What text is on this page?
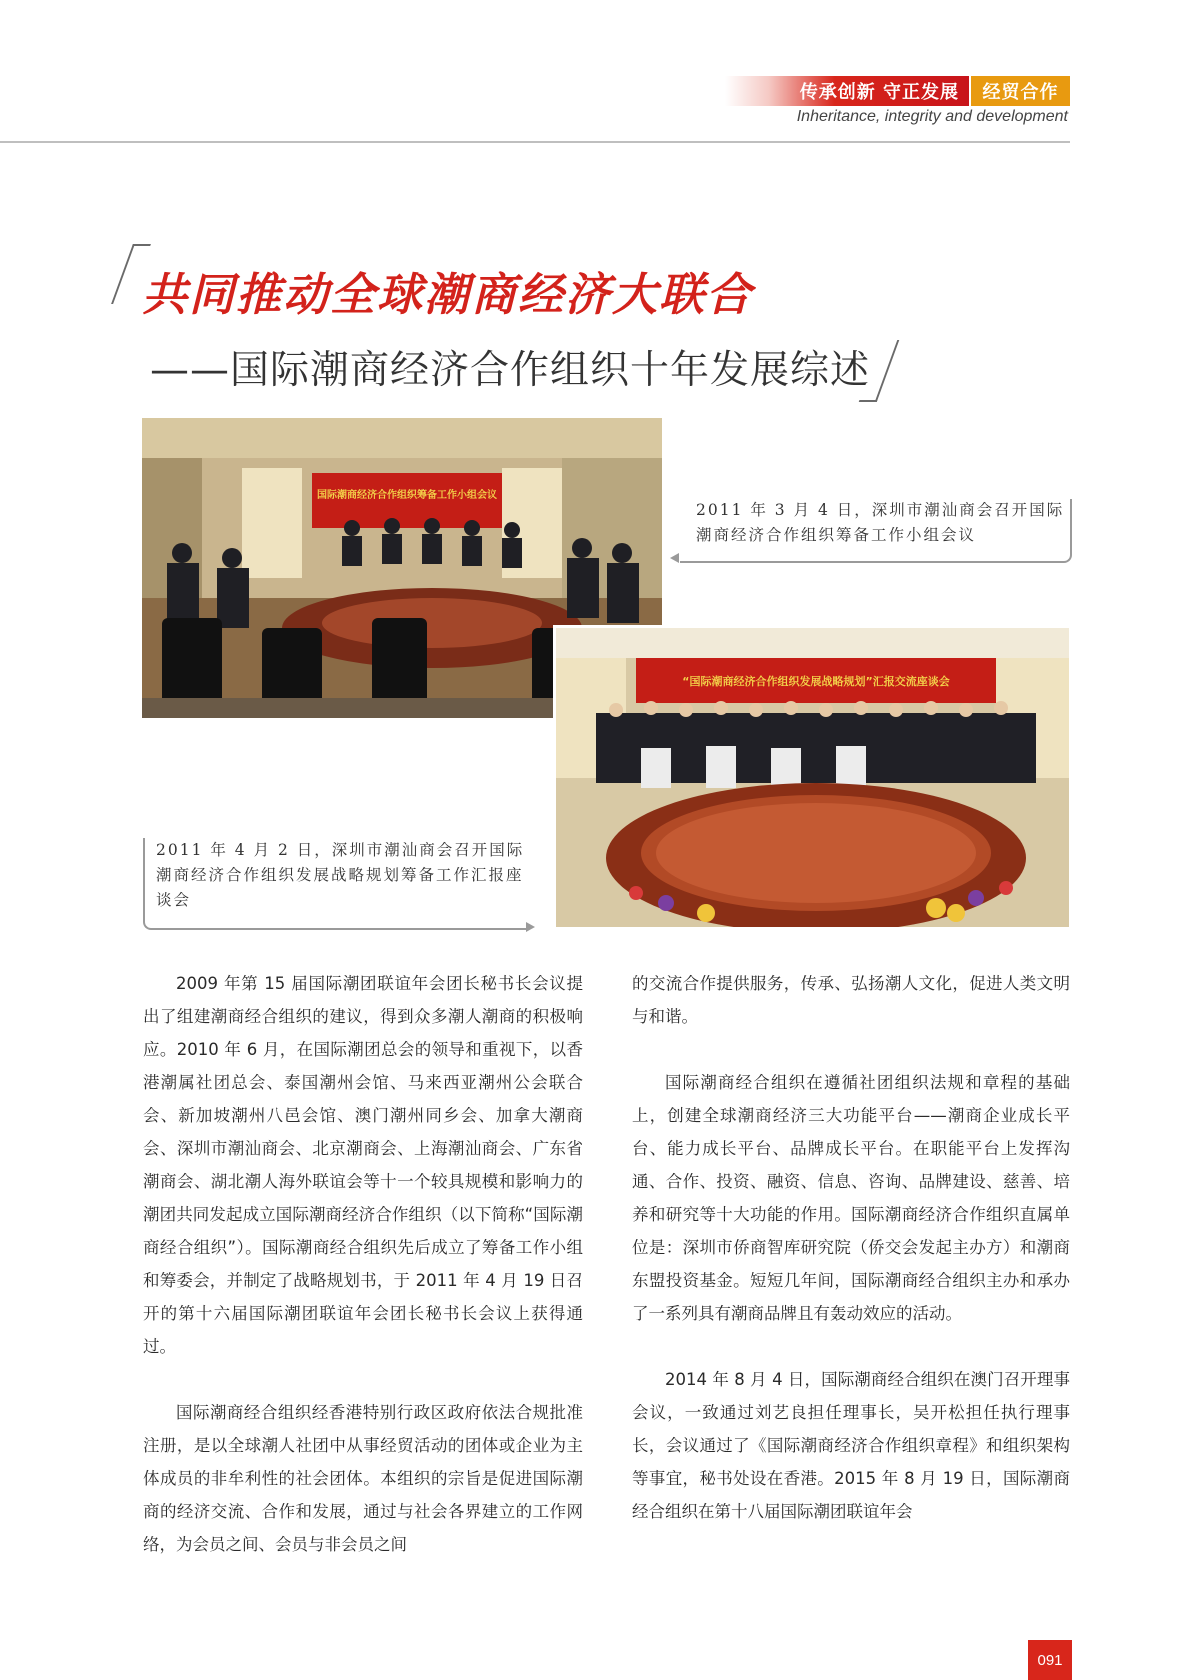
传承创新 守正发展	经贸合作
Inheritance, integrity and development
共同推动全球潮商经济大联合
——国际潮商经济合作组织十年发展综述
国际潮商经济合作组织筹备工作小组会议
2011 年 3 月 4 日，深圳市潮汕商会召开国际潮商经济合作组织筹备工作小组会议
“国际潮商经济合作组织发展战略规划”汇报交流座谈会
2011 年 4 月 2 日，深圳市潮汕商会召开国际潮商经济合作组织发展战略规划筹备工作汇报座谈会

2009 年第 15 届国际潮团联谊年会团长秘书长会议提出了组建潮商经合组织的建议，得到众多潮人潮商的积极响应。2010 年 6 月，在国际潮团总会的领导和重视下，以香港潮属社团总会、泰国潮州会馆、马来西亚潮州公会联合会、新加坡潮州八邑会馆、澳门潮州同乡会、加拿大潮商会、深圳市潮汕商会、北京潮商会、上海潮汕商会、广东省潮商会、湖北潮人海外联谊会等十一个较具规模和影响力的潮团共同发起成立国际潮商经济合作组织（以下简称“国际潮商经合组织”）。国际潮商经合组织先后成立了筹备工作小组和筹委会，并制定了战略规划书，于 2011 年 4 月 19 日召开的第十六届国际潮团联谊年会团长秘书长会议上获得通过。

国际潮商经合组织经香港特别行政区政府依法合规批准注册，是以全球潮人社团中从事经贸活动的团体或企业为主体成员的非牟利性的社会团体。本组织的宗旨是促进国际潮商的经济交流、合作和发展，通过与社会各界建立的工作网络，为会员之间、会员与非会员之间

的交流合作提供服务，传承、弘扬潮人文化，促进人类文明与和谐。

国际潮商经合组织在遵循社团组织法规和章程的基础上，创建全球潮商经济三大功能平台——潮商企业成长平台、能力成长平台、品牌成长平台。在职能平台上发挥沟通、合作、投资、融资、信息、咨询、品牌建设、慈善、培养和研究等十大功能的作用。国际潮商经济合作组织直属单位是：深圳市侨商智库研究院（侨交会发起主办方）和潮商东盟投资基金。短短几年间，国际潮商经合组织主办和承办了一系列具有潮商品牌且有轰动效应的活动。

2014 年 8 月 4 日，国际潮商经合组织在澳门召开理事会议，一致通过刘艺良担任理事长，吴开松担任执行理事长，会议通过了《国际潮商经济合作组织章程》和组织架构等事宜，秘书处设在香港。2015 年 8 月 19 日，国际潮商经合组织在第十八届国际潮团联谊年会

091
